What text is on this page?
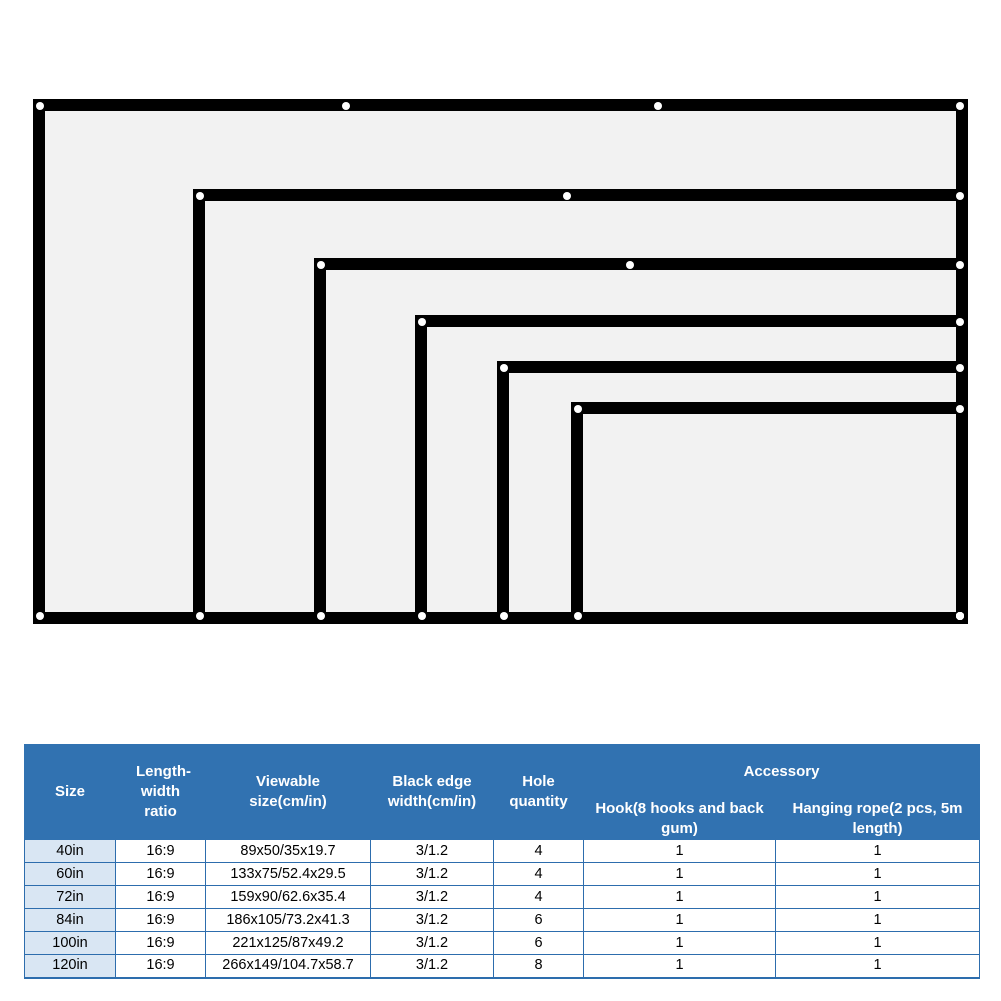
Size	Length-width ratio	Viewable size(cm/in)	Black edge width(cm/in)	Hole quantity	Accessory	
					Hook(8 hooks and back gum)	Hanging rope(2 pcs, 5m length)
40in	16:9	89x50/35x19.7	3/1.2	4	1	1
60in	16:9	133x75/52.4x29.5	3/1.2	4	1	1
72in	16:9	159x90/62.6x35.4	3/1.2	4	1	1
84in	16:9	186x105/73.2x41.3	3/1.2	6	1	1
100in	16:9	221x125/87x49.2	3/1.2	6	1	1
120in	16:9	266x149/104.7x58.7	3/1.2	8	1	1
